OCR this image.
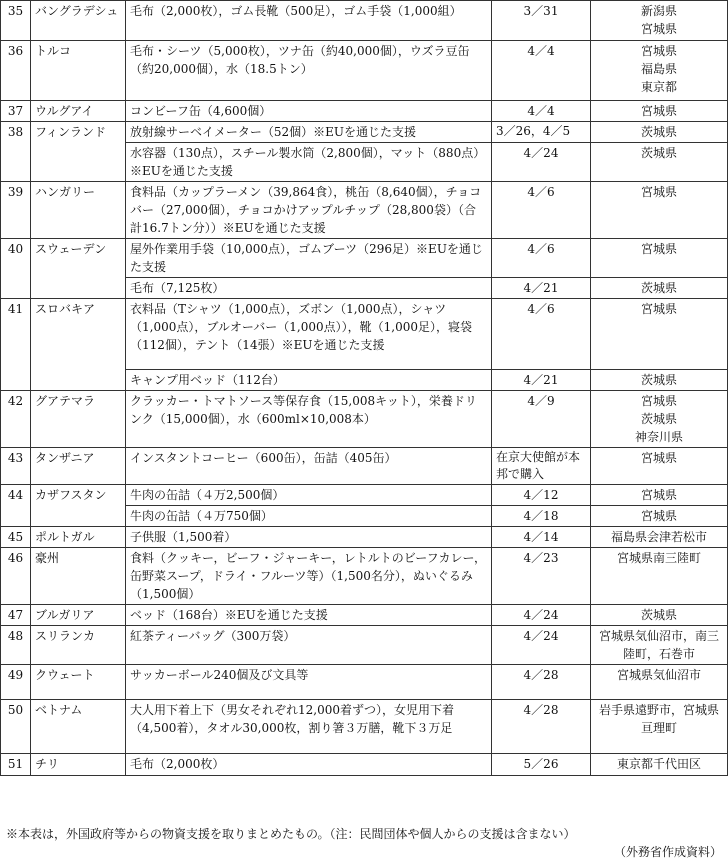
35	バングラデシュ	毛布（2,000枚），ゴム長靴（500足），ゴム手袋（1,000組）	3／31	新潟県
宮城県

36	トルコ	毛布・シーツ（5,000枚），ツナ缶（約40,000個），ウズラ豆缶（約20,000個），水（18.5トン）	4／4	宮城県
福島県
東京都

37	ウルグアイ	コンビーフ缶（4,600個）	4／4	宮城県

38	フィンランド	放射線サーベイメーター（52個）※EUを通じた支援	3／26，4／5	茨城県

		水容器（130点），スチール製水筒（2,800個），マット（880点）※EUを通じた支援	4／24	茨城県

39	ハンガリー	食料品（カップラーメン（39,864食），桃缶（8,640個），チョコバー（27,000個），チョコかけアップルチップ（28,800袋）（合計16.7トン分））※EUを通じた支援	4／6	宮城県

40	スウェーデン	屋外作業用手袋（10,000点），ゴムブーツ（296足）※EUを通じた支援	4／6	宮城県

		毛布（7,125枚）	4／21	茨城県

41	スロバキア	衣料品（Tシャツ（1,000点），ズボン（1,000点），シャツ（1,000点），ブルオーバー（1,000点）），靴（1,000足），寝袋（112個），テント（14張）※EUを通じた支援	4／6	宮城県

		キャンプ用ベッド（112台）	4／21	茨城県

42	グアテマラ	クラッカー・トマトソース等保存食（15,008キット），栄養ドリンク（15,000個），水（600ml×10,008本）	4／9	宮城県
茨城県
神奈川県

43	タンザニア	インスタントコーヒー（600缶），缶詰（405缶）	在京大使館が本邦で購入	宮城県

44	カザフスタン	牛肉の缶詰（４万2,500個）	4／12	宮城県

		牛肉の缶詰（４万750個）	4／18	宮城県

45	ポルトガル	子供服（1,500着）	4／14	福島県会津若松市

46	豪州	食料（クッキー，ビーフ・ジャーキー，レトルトのビーフカレー，缶野菜スープ，ドライ・フルーツ等）（1,500名分），ぬいぐるみ（1,500個）	4／23	宮城県南三陸町

47	ブルガリア	ベッド（168台）※EUを通じた支援	4／24	茨城県

48	スリランカ	紅茶ティーバッグ（300万袋）	4／24	宮城県気仙沼市，南三陸町，石巻市

49	クウェート	サッカーボール240個及び文具等	4／28	宮城県気仙沼市

50	ベトナム	大人用下着上下（男女それぞれ12,000着ずつ），女児用下着（4,500着），タオル30,000枚，割り箸３万膳，靴下３万足	4／28	岩手県遠野市，宮城県亘理町

51	チリ	毛布（2,000枚）	5／26	東京都千代田区
※本表は，外国政府等からの物資支援を取りまとめたもの。（注：民間団体や個人からの支援は含まない）
（外務省作成資料）
